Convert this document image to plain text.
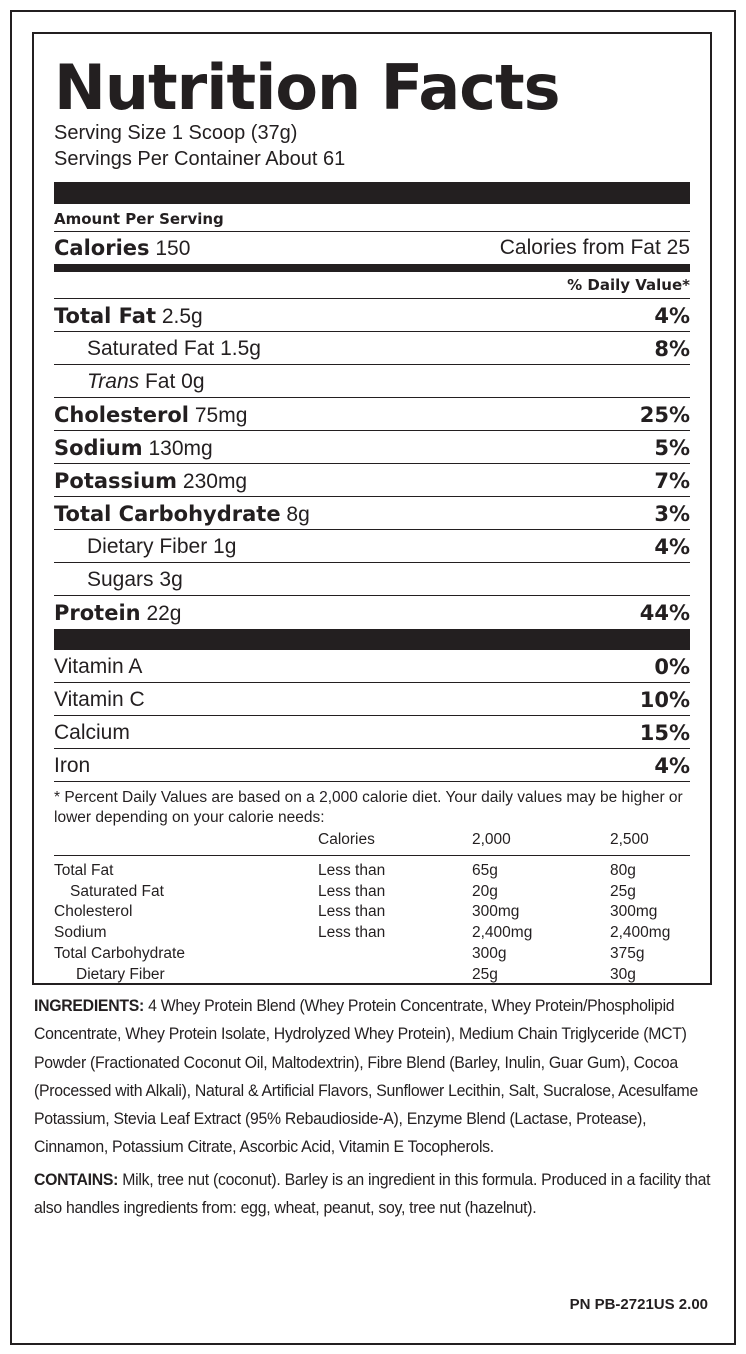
Nutrition Facts
Serving Size 1 Scoop (37g)
Servings Per Container About 61
Amount Per Serving
Calories 150	Calories from Fat 25
% Daily Value*
Total Fat 2.5g	4%
Saturated Fat 1.5g	8%
Trans Fat 0g
Cholesterol 75mg	25%
Sodium 130mg	5%
Potassium 230mg	7%
Total Carbohydrate 8g	3%
Dietary Fiber 1g	4%
Sugars 3g
Protein 22g	44%
Vitamin A	0%
Vitamin C	10%
Calcium	15%
Iron	4%
* Percent Daily Values are based on a 2,000 calorie diet. Your daily values may be higher or lower depending on your calorie needs:
	Calories	2,000	2,500
Total Fat	Less than	65g	80g
Saturated Fat	Less than	20g	25g
Cholesterol	Less than	300mg	300mg
Sodium	Less than	2,400mg	2,400mg
Total Carbohydrate		300g	375g
Dietary Fiber		25g	30g
INGREDIENTS: 4 Whey Protein Blend (Whey Protein Concentrate, Whey Protein/Phospholipid Concentrate, Whey Protein Isolate, Hydrolyzed Whey Protein), Medium Chain Triglyceride (MCT) Powder (Fractionated Coconut Oil, Maltodextrin), Fibre Blend (Barley, Inulin, Guar Gum), Cocoa (Processed with Alkali), Natural & Artificial Flavors, Sunflower Lecithin, Salt, Sucralose, Acesulfame Potassium, Stevia Leaf Extract (95% Rebaudioside-A), Enzyme Blend (Lactase, Protease), Cinnamon, Potassium Citrate, Ascorbic Acid, Vitamin E Tocopherols.
CONTAINS: Milk, tree nut (coconut). Barley is an ingredient in this formula. Produced in a facility that also handles ingredients from: egg, wheat, peanut, soy, tree nut (hazelnut).
PN PB-2721US 2.00
